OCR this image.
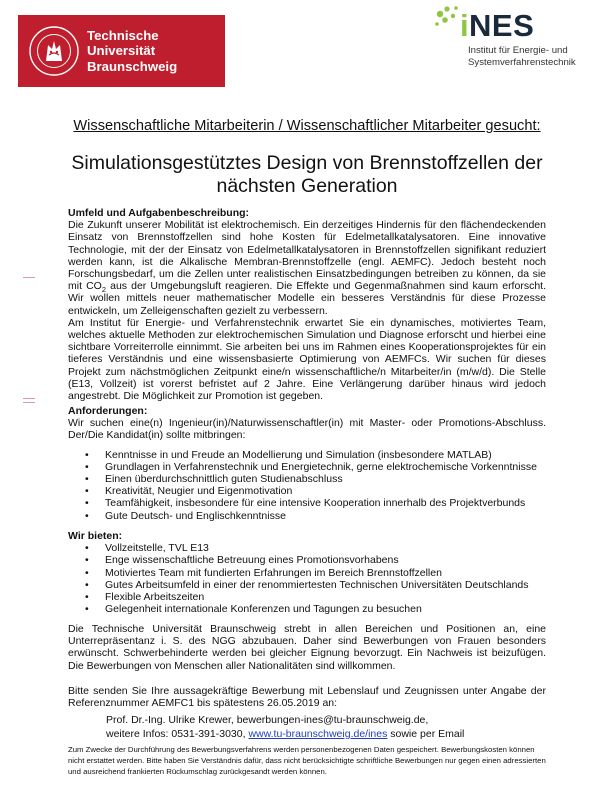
Technische
Universität
Braunschweig
i NES
Institut für Energie- und
Systemverfahrenstechnik
Wissenschaftliche Mitarbeiterin / Wissenschaftlicher Mitarbeiter gesucht:
Simulationsgestütztes Design von Brennstoffzellen der
nächsten Generation
Umfeld und Aufgabenbeschreibung:
Die Zukunft unserer Mobilität ist elektrochemisch. Ein derzeitiges Hindernis für den flächendeckenden Einsatz von Brennstoffzellen sind hohe Kosten für Edelmetallkatalysatoren. Eine innovative Technologie, mit der der Einsatz von Edelmetallkatalysatoren in Brennstoffzellen signifikant reduziert werden kann, ist die Alkalische Membran-Brennstoffzelle (engl. AEMFC). Jedoch besteht noch Forschungsbedarf, um die Zellen unter realistischen Einsatzbedingungen betreiben zu können, da sie mit $CO_2$ aus der Umgebungsluft reagieren. Die Effekte und Gegenmaßnahmen sind kaum erforscht. Wir wollen mittels neuer mathematischer Modelle ein besseres Verständnis für diese Prozesse entwickeln, um Zelleigenschaften gezielt zu verbessern.
Am Institut für Energie- und Verfahrenstechnik erwartet Sie ein dynamisches, motiviertes Team, welches aktuelle Methoden zur elektrochemischen Simulation und Diagnose erforscht und hierbei eine sichtbare Vorreiterrolle einnimmt. Sie arbeiten bei uns im Rahmen eines Kooperationsprojektes für ein tieferes Verständnis und eine wissensbasierte Optimierung von AEMFCs. Wir suchen für dieses Projekt zum nächstmöglichen Zeitpunkt eine/n wissenschaftliche/n Mitarbeiter/in (m/w/d). Die Stelle (E13, Vollzeit) ist vorerst befristet auf 2 Jahre. Eine Verlängerung darüber hinaus wird jedoch angestrebt. Die Möglichkeit zur Promotion ist gegeben.
Anforderungen:
Wir suchen eine(n) Ingenieur(in)/Naturwissenschaftler(in) mit Master- oder Promotions-Abschluss. Der/Die Kandidat(in) sollte mitbringen:
• Kenntnisse in und Freude an Modellierung und Simulation (insbesondere MATLAB)
• Grundlagen in Verfahrenstechnik und Energietechnik, gerne elektrochemische Vorkenntnisse
• Einen überdurchschnittlich guten Studienabschluss
• Kreativität, Neugier und Eigenmotivation
• Teamfähigkeit, insbesondere für eine intensive Kooperation innerhalb des Projektverbunds
• Gute Deutsch- und Englischkenntnisse
Wir bieten:
• Vollzeitstelle, TVL E13
• Enge wissenschaftliche Betreuung eines Promotionsvorhabens
• Motiviertes Team mit fundierten Erfahrungen im Bereich Brennstoffzellen
• Gutes Arbeitsumfeld in einer der renommiertesten Technischen Universitäten Deutschlands
• Flexible Arbeitszeiten
• Gelegenheit internationale Konferenzen und Tagungen zu besuchen
Die Technische Universität Braunschweig strebt in allen Bereichen und Positionen an, eine Unterrepräsentanz i. S. des NGG abzubauen. Daher sind Bewerbungen von Frauen besonders erwünscht. Schwerbehinderte werden bei gleicher Eignung bevorzugt. Ein Nachweis ist beizufügen. Die Bewerbungen von Menschen aller Nationalitäten sind willkommen.
Bitte senden Sie Ihre aussagekräftige Bewerbung mit Lebenslauf und Zeugnissen unter Angabe der Referenznummer AEMFC1 bis spätestens 26.05.2019 an:
Prof. Dr.-Ing. Ulrike Krewer, bewerbungen-ines@tu-braunschweig.de,
weitere Infos: 0531-391-3030, www.tu-braunschweig.de/ines sowie per Email
Zum Zwecke der Durchführung des Bewerbungsverfahrens werden personenbezogenen Daten gespeichert. Bewerbungskosten können nicht erstattet werden. Bitte haben Sie Verständnis dafür, dass nicht berücksichtigte schriftliche Bewerbungen nur gegen einen adressierten und ausreichend frankierten Rückumschlag zurückgesandt werden können.
